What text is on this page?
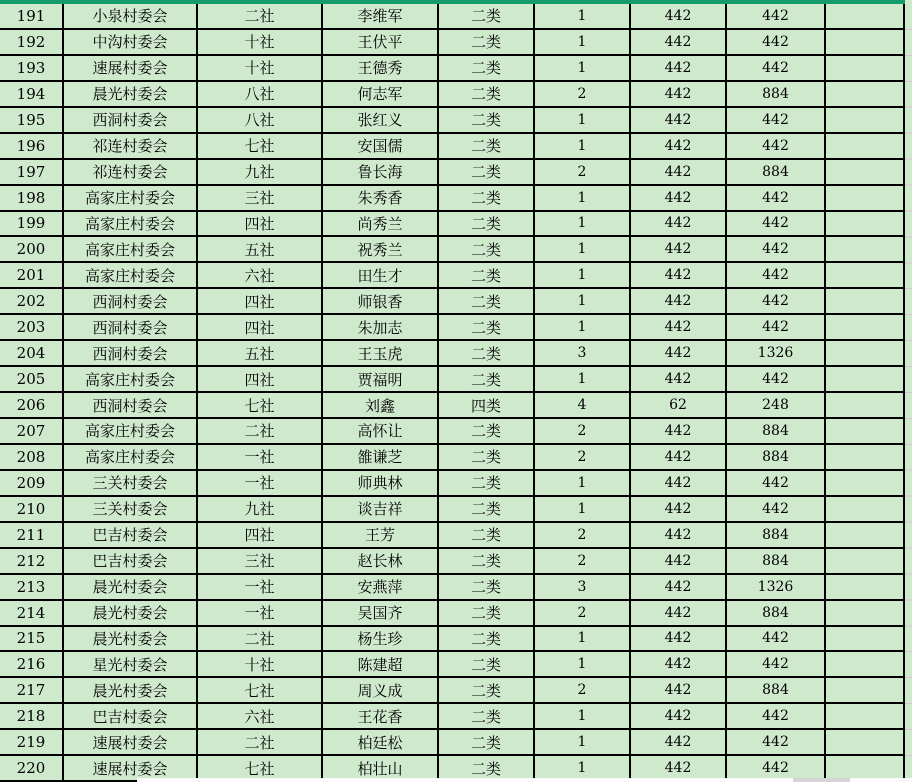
191	小泉村委会	二社	李维军	二类	1	442	442
192	中沟村委会	十社	王伏平	二类	1	442	442
193	速展村委会	十社	王德秀	二类	1	442	442
194	晨光村委会	八社	何志军	二类	2	442	884
195	西洞村委会	八社	张红义	二类	1	442	442
196	祁连村委会	七社	安国儒	二类	1	442	442
197	祁连村委会	九社	鲁长海	二类	2	442	884
198	高家庄村委会	三社	朱秀香	二类	1	442	442
199	高家庄村委会	四社	尚秀兰	二类	1	442	442
200	高家庄村委会	五社	祝秀兰	二类	1	442	442
201	高家庄村委会	六社	田生才	二类	1	442	442
202	西洞村委会	四社	师银香	二类	1	442	442
203	西洞村委会	四社	朱加志	二类	1	442	442
204	西洞村委会	五社	王玉虎	二类	3	442	1326
205	高家庄村委会	四社	贾福明	二类	1	442	442
206	西洞村委会	七社	刘鑫	四类	4	62	248
207	高家庄村委会	二社	高怀让	二类	2	442	884
208	高家庄村委会	一社	雒谦芝	二类	2	442	884
209	三关村委会	一社	师典林	二类	1	442	442
210	三关村委会	九社	谈吉祥	二类	1	442	442
211	巴吉村委会	四社	王芳	二类	2	442	884
212	巴吉村委会	三社	赵长林	二类	2	442	884
213	晨光村委会	一社	安燕萍	二类	3	442	1326
214	晨光村委会	一社	吴国齐	二类	2	442	884
215	晨光村委会	二社	杨生珍	二类	1	442	442
216	星光村委会	十社	陈建超	二类	1	442	442
217	晨光村委会	七社	周义成	二类	2	442	884
218	巴吉村委会	六社	王花香	二类	1	442	442
219	速展村委会	二社	柏廷松	二类	1	442	442
220	速展村委会	七社	柏壮山	二类	1	442	442
